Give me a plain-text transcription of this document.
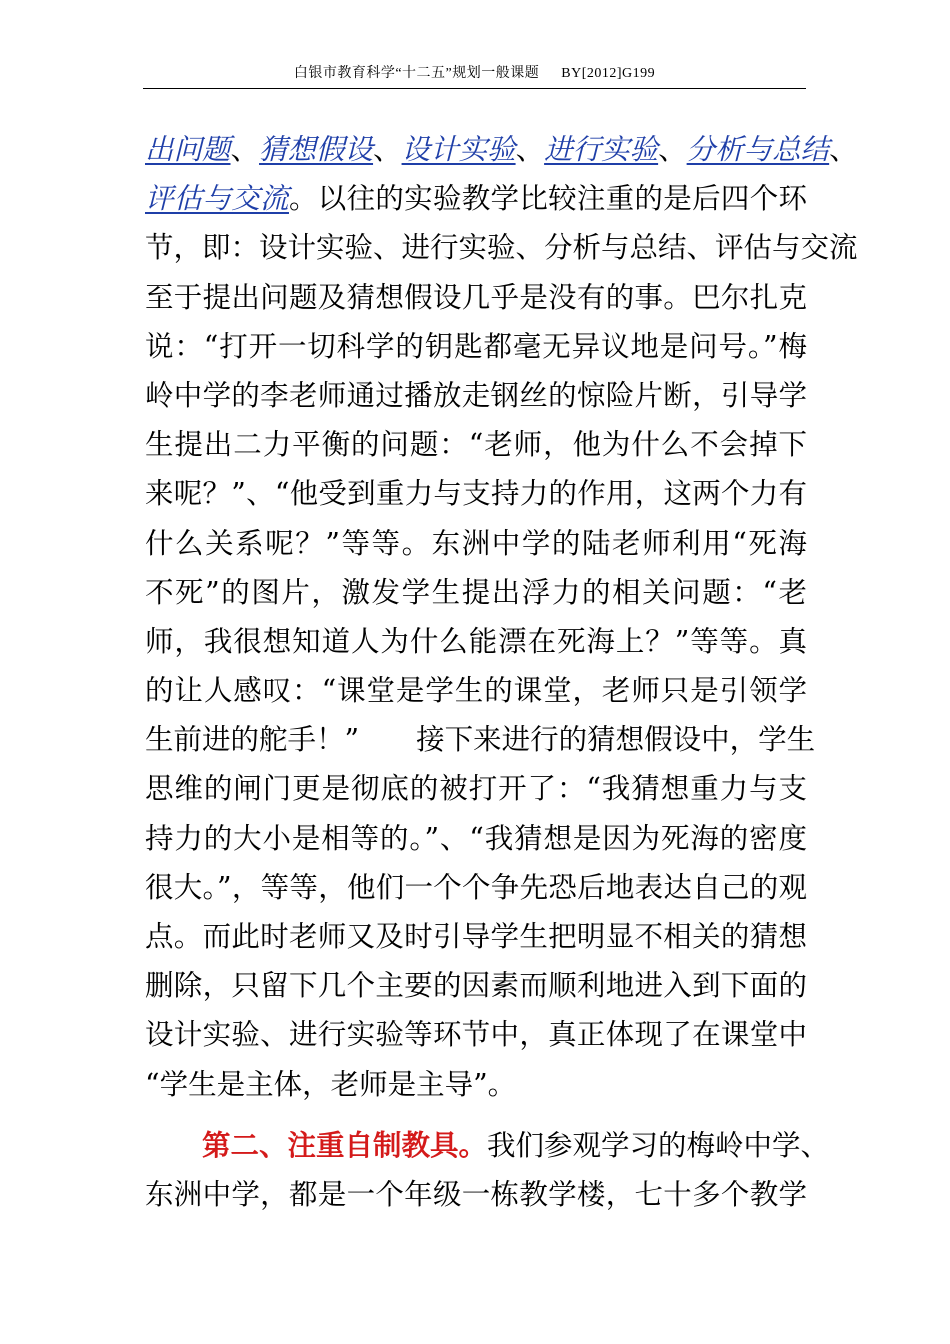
白银市教育科学“十二五”规划一般课题 BY[2012]G199
出问题、猜想假设、设计实验、进行实验、分析与总结、
评估与交流。以往的实验教学比较注重的是后四个环
节，即：设计实验、进行实验、分析与总结、评估与交流
至于提出问题及猜想假设几乎是没有的事。巴尔扎克
说：“打开一切科学的钥匙都毫无异议地是问号。”梅
岭中学的李老师通过播放走钢丝的惊险片断，引导学
生提出二力平衡的问题：“老师，他为什么不会掉下
来呢？”、“他受到重力与支持力的作用，这两个力有
什么关系呢？”等等。东洲中学的陆老师利用“死海
不死”的图片，激发学生提出浮力的相关问题：“老
师，我很想知道人为什么能漂在死海上？”等等。真
的让人感叹：“课堂是学生的课堂，老师只是引领学
生前进的舵手！”　　接下来进行的猜想假设中，学生
思维的闸门更是彻底的被打开了：“我猜想重力与支
持力的大小是相等的。”、“我猜想是因为死海的密度
很大。”，等等，他们一个个争先恐后地表达自己的观
点。而此时老师又及时引导学生把明显不相关的猜想
删除，只留下几个主要的因素而顺利地进入到下面的
设计实验、进行实验等环节中，真正体现了在课堂中
“学生是主体，老师是主导”。
第二、注重自制教具。我们参观学习的梅岭中学、
东洲中学，都是一个年级一栋教学楼，七十多个教学
